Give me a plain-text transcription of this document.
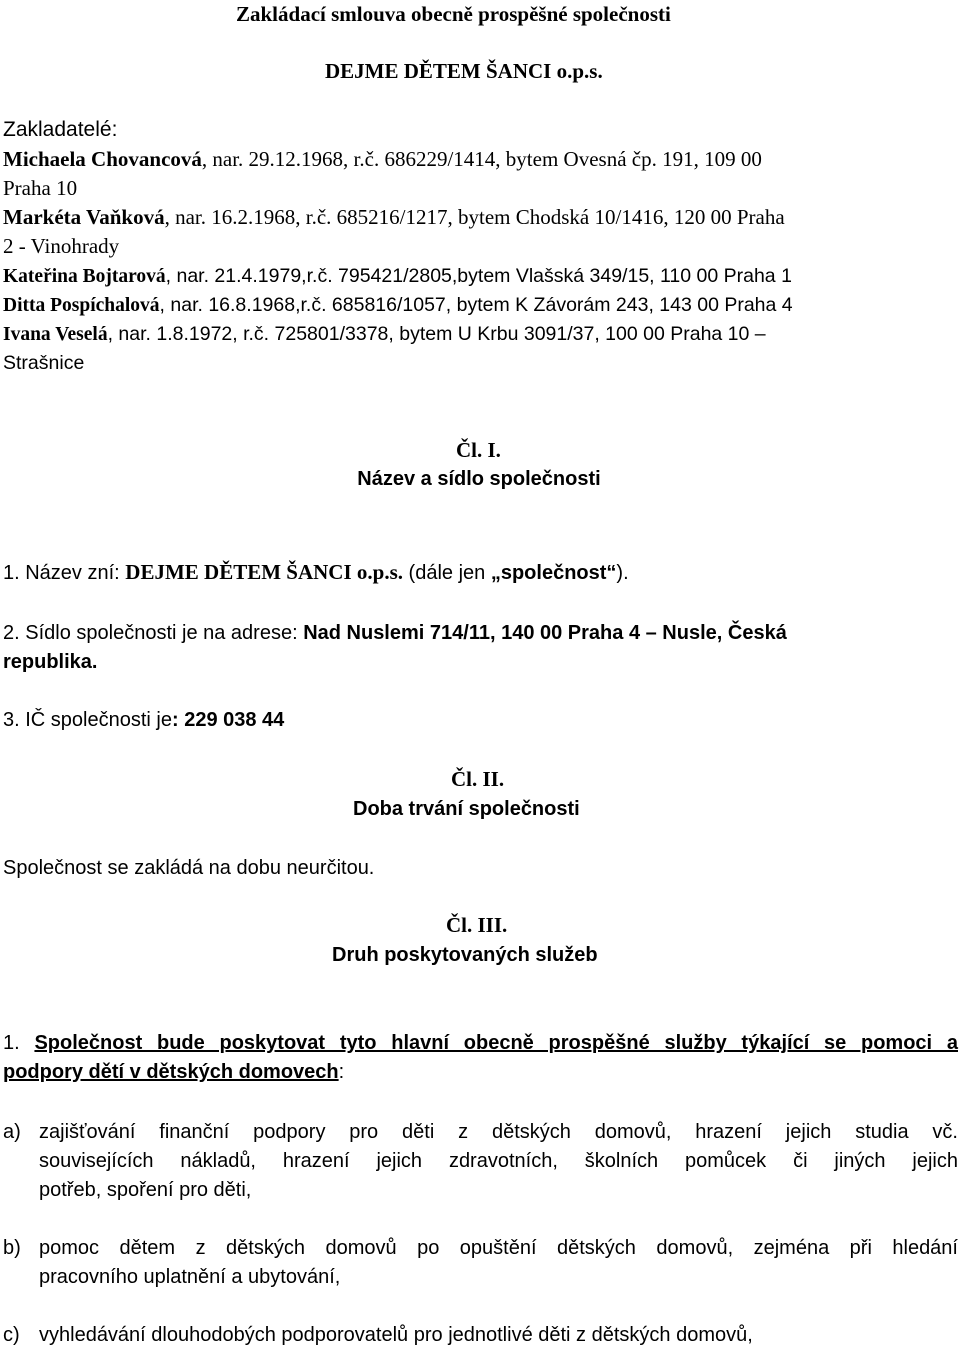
Zakládací smlouva obecně prospěšné společnosti
DEJME DĚTEM ŠANCI o.p.s.
Zakladatelé:
Michaela Chovancová, nar. 29.12.1968, r.č. 686229/1414, bytem Ovesná čp. 191, 109 00
Praha 10
Markéta Vaňková, nar. 16.2.1968, r.č. 685216/1217, bytem Chodská 10/1416, 120 00 Praha
2 - Vinohrady
Kateřina Bojtarová, nar. 21.4.1979,r.č. 795421/2805,bytem Vlašská 349/15, 110 00 Praha 1
Ditta Pospíchalová, nar. 16.8.1968,r.č. 685816/1057, bytem K Závorám 243, 143 00 Praha 4
Ivana Veselá, nar. 1.8.1972, r.č. 725801/3378, bytem U Krbu 3091/37, 100 00 Praha 10 –
Strašnice
Čl. I.
Název a sídlo společnosti
1. Název zní: DEJME DĚTEM ŠANCI o.p.s. (dále jen „společnost“).
2. Sídlo společnosti je na adrese: Nad Nuslemi 714/11, 140 00 Praha 4 – Nusle, Česká
republika.
3. IČ společnosti je: 229 038 44
Čl. II.
Doba trvání společnosti
Společnost se zakládá na dobu neurčitou.
Čl. III.
Druh poskytovaných služeb
1. Společnost bude poskytovat tyto hlavní obecně prospěšné služby týkající se pomoci a
podpory dětí v dětských domovech:
a) zajišťování finanční podpory pro děti z dětských domovů, hrazení jejich studia vč.
souvisejících nákladů, hrazení jejich zdravotních, školních pomůcek či jiných jejich
potřeb, spoření pro děti,
b) pomoc dětem z dětských domovů po opuštění dětských domovů, zejména při hledání
pracovního uplatnění a ubytování,
c) vyhledávání dlouhodobých podporovatelů pro jednotlivé děti z dětských domovů,
